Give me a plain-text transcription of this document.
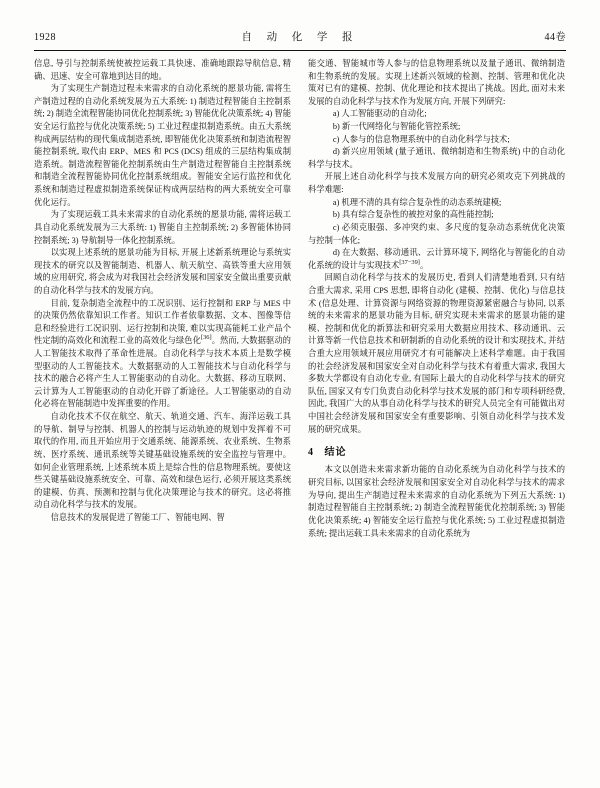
1928	自 动 化 学 报	44卷

信息, 导引与控制系统使被控运载工具快速、准确地跟踪导航信息, 精确、迅速、安全可靠地到达目的地。

为了实现生产制造过程未来需求的自动化系统的愿景功能, 需将生产制造过程的自动化系统发展为五大系统: 1) 制造过程智能自主控制系统; 2) 制造全流程智能协同优化控制系统; 3) 智能优化决策系统; 4) 智能安全运行监控与优化决策系统; 5) 工业过程虚拟制造系统。由五大系统构成两层结构的现代集成制造系统, 即智能优化决策系统和制造流程智能控制系统, 取代由 ERP、MES 和 PCS (DCS) 组成的三层结构集成制造系统。制造流程智能化控制系统由生产制造过程智能自主控制系统和制造全流程智能协同优化控制系统组成。智能安全运行监控和优化系统和制造过程虚拟制造系统保证构成两层结构的两大系统安全可靠优化运行。

为了实现运载工具未来需求的自动化系统的愿景功能, 需将运载工具自动化系统发展为三大系统: 1) 智能自主控制系统; 2) 多智能体协同控制系统; 3) 导航制导一体化控制系统。

以实现上述系统的愿景功能为目标, 开展上述新系统理论与系统实现技术的研究以及智能制造、机器人、航天航空、高铁等重大应用领域的应用研究, 将会成为对我国社会经济发展和国家安全做出重要贡献的自动化科学与技术的发展方向。

目前, 复杂制造全流程中的工况识别、运行控制和 ERP 与 MES 中的决策仍然依靠知识工作者。知识工作者依靠数据、文本、图像等信息和经验进行工况识别、运行控制和决策, 难以实现高能耗工业产品个性定制的高效化和流程工业的高效化与绿色化[36]。然而, 大数据驱动的人工智能技术取得了革命性进展。自动化科学与技术本质上是数学模型驱动的人工智能技术。大数据驱动的人工智能技术与自动化科学与技术的融合必将产生人工智能驱动的自动化。大数据、移动互联网、云计算为人工智能驱动的自动化开辟了新途径。人工智能驱动的自动化必将在智能制造中发挥重要的作用。

自动化技术不仅在航空、航天、轨道交通、汽车、海洋运载工具的导航、制导与控制、机器人的控制与运动轨迹的规划中发挥着不可取代的作用, 而且开始应用于交通系统、能源系统、农业系统、生物系统、医疗系统、通讯系统等关键基础设施系统的安全监控与管理中。如何企业管理系统, 上述系统本质上是综合性的信息物理系统。要使这些关键基础设施系统安全、可靠、高效和绿色运行, 必须开展这类系统的建模、仿真、预测和控制与优化决策理论与技术的研究。这必将推动自动化科学与技术的发展。

信息技术的发展促进了智能工厂、智能电网、智

能交通、智能城市等人参与的信息物理系统以及量子通讯、微纳制造和生物系统的发展。实现上述新兴领域的检测、控制、管理和优化决策对已有的建模、控制、优化理论和技术提出了挑战。因此, 面对未来发展的自动化科学与技术作为发展方向, 开展下列研究:

a) 人工智能驱动的自动化;

b) 新一代网络化与智能化管控系统;

c) 人参与的信息物理系统中的自动化科学与技术;

d) 新兴应用领域 (量子通讯、微纳制造和生物系统) 中的自动化科学与技术。

开展上述自动化科学与技术发展方向的研究必须攻克下列挑战的科学难题:

a) 机理不清的具有综合复杂性的动态系统建模;

b) 具有综合复杂性的被控对象的高性能控制;

c) 必须克服强、多冲突约束、多尺度的复杂动态系统优化决策与控制一体化;

d) 在大数据、移动通讯、云计算环境下, 网络化与智能化的自动化系统的设计与实现技术[37−39]。

回顾自动化科学与技术的发展历史, 看到人们清楚地看到, 只有结合重大需求, 采用 CPS 思想, 即将自动化 (建模、控制、优化) 与信息技术 (信息处理、计算资源与网络资源的物理资源紧密融合与协同, 以系统的未来需求的愿景功能为目标, 研究实现未来需求的愿景功能的建模、控制和优化的新算法和研究采用大数据应用技术、移动通讯、云计算等新一代信息技术和研制新的自动化系统的设计和实现技术, 并结合重大应用领域开展应用研究才有可能解决上述科学难题。由于我国的社会经济发展和国家安全对自动化科学与技术有着重大需求, 我国大多数大学都设有自动化专业, 有国际上最大的自动化科学与技术的研究队伍, 国家又有专门负责自动化科学与技术发展的部门和专项科研经费, 因此, 我国广大的从事自动化科学与技术的研究人员完全有可能做出对中国社会经济发展和国家安全有重要影响、引领自动化科学与技术发展的研究成果。

4 结论

本文以创造未来需求新功能的自动化系统为自动化科学与技术的研究目标, 以国家社会经济发展和国家安全对自动化科学与技术的需求为导向, 提出生产制造过程未来需求的自动化系统为下列五大系统: 1) 制造过程智能自主控制系统; 2) 制造全流程智能优化控制系统; 3) 智能优化决策系统; 4) 智能安全运行监控与优化系统; 5) 工业过程虚拟制造系统; 提出运载工具未来需求的自动化系统为
